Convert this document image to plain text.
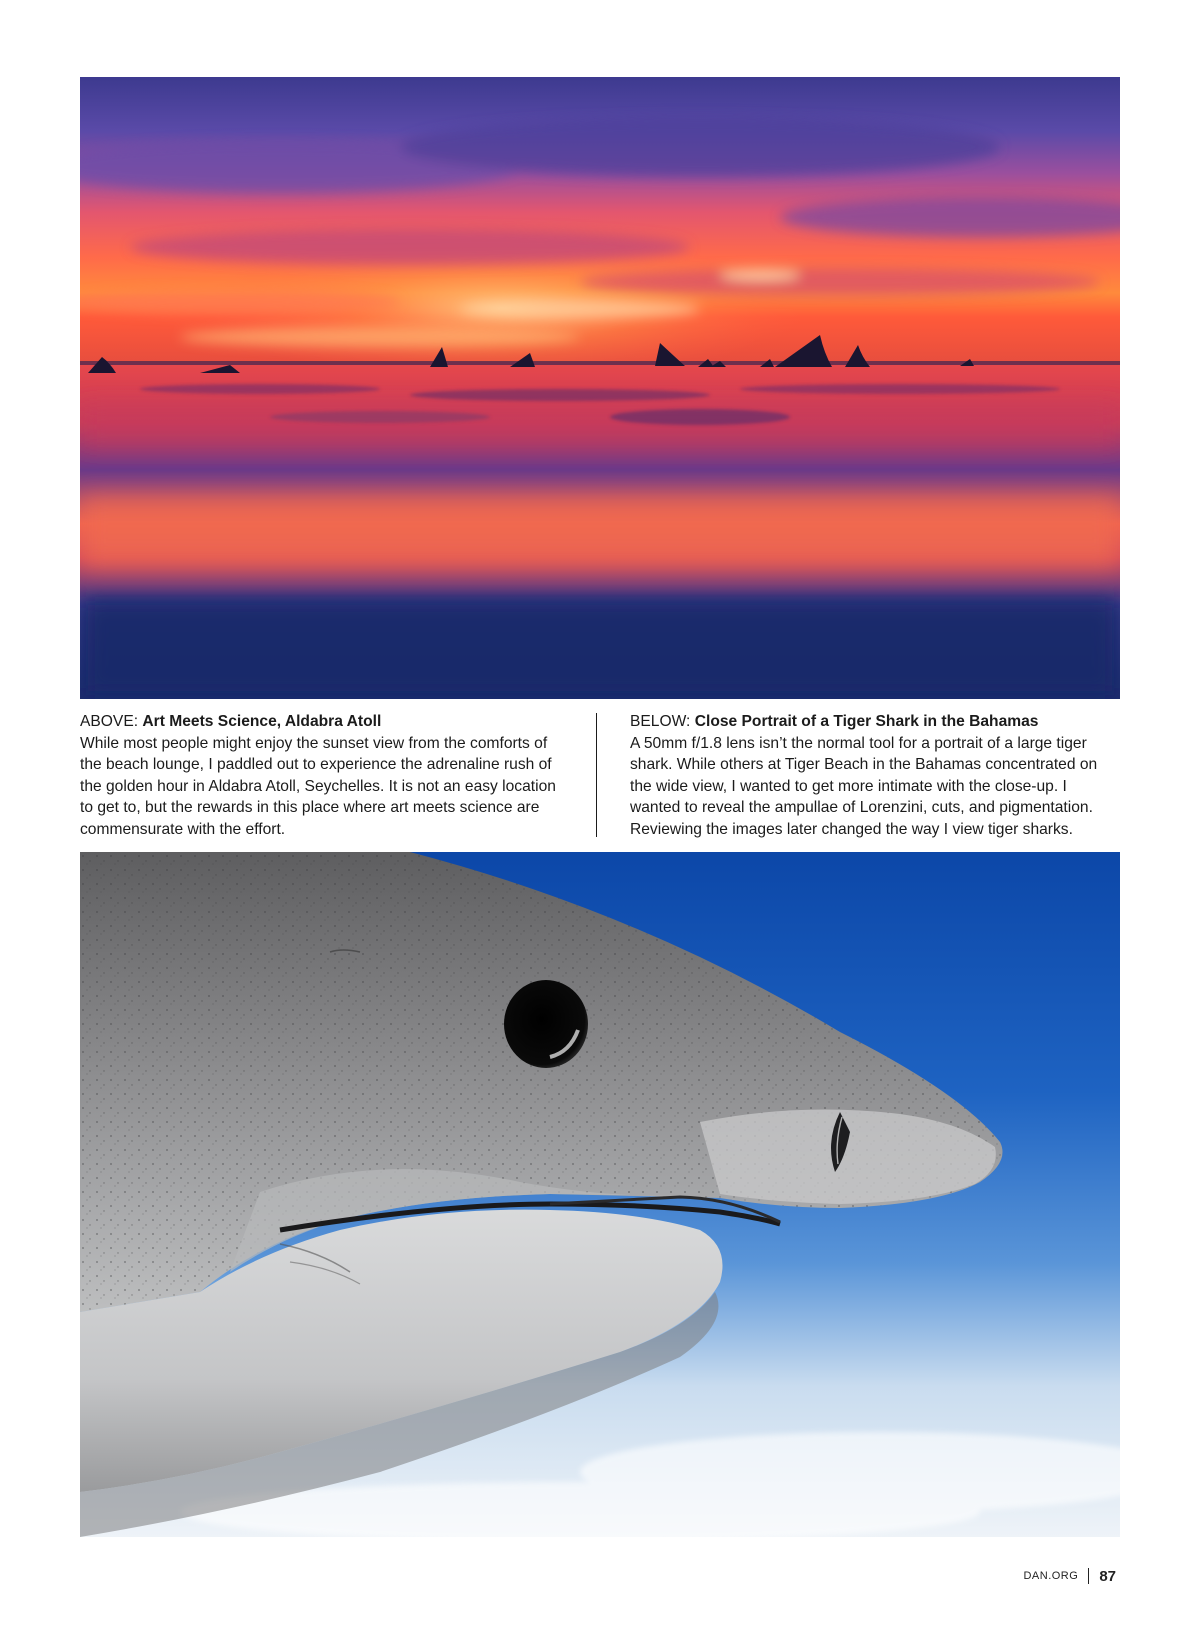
ABOVE: Art Meets Science, Aldabra Atoll

While most people might enjoy the sunset view from the comforts of the beach lounge, I paddled out to experience the adrenaline rush of the golden hour in Aldabra Atoll, Seychelles. It is not an easy location to get to, but the rewards in this place where art meets science are commensurate with the effort.

BELOW: Close Portrait of a Tiger Shark in the Bahamas

A 50mm f/1.8 lens isn’t the normal tool for a portrait of a large tiger shark. While others at Tiger Beach in the Bahamas concentrated on the wide view, I wanted to get more intimate with the close-up. I wanted to reveal the ampullae of Lorenzini, cuts, and pigmentation. Reviewing the images later changed the way I view tiger sharks.

DAN.ORG 87
